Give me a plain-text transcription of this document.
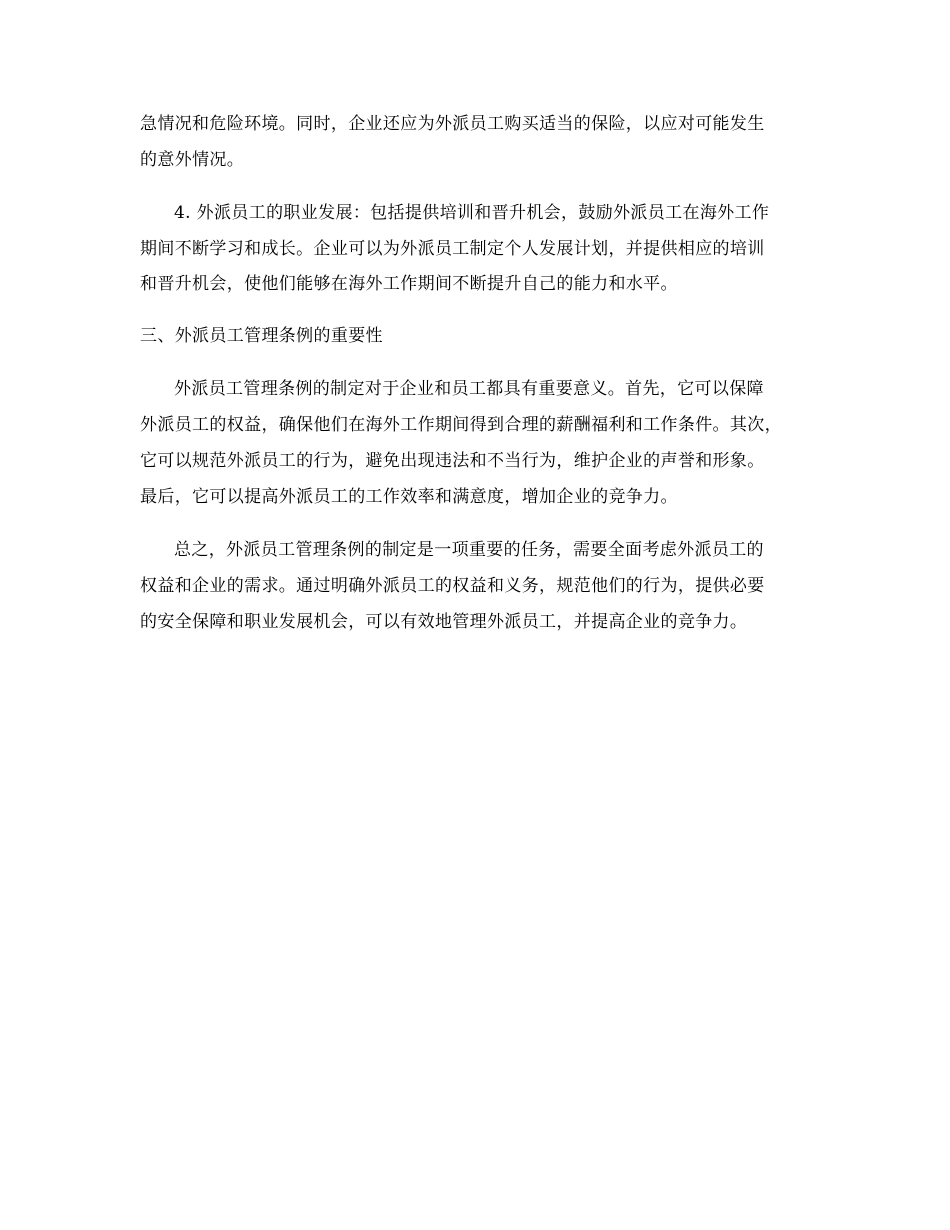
急情况和危险环境。同时，企业还应为外派员工购买适当的保险，以应对可能发生
的意外情况。
4. 外派员工的职业发展：包括提供培训和晋升机会，鼓励外派员工在海外工作
期间不断学习和成长。企业可以为外派员工制定个人发展计划，并提供相应的培训
和晋升机会，使他们能够在海外工作期间不断提升自己的能力和水平。
三、外派员工管理条例的重要性
外派员工管理条例的制定对于企业和员工都具有重要意义。首先，它可以保障
外派员工的权益，确保他们在海外工作期间得到合理的薪酬福利和工作条件。其次，
它可以规范外派员工的行为，避免出现违法和不当行为，维护企业的声誉和形象。
最后，它可以提高外派员工的工作效率和满意度，增加企业的竞争力。
总之，外派员工管理条例的制定是一项重要的任务，需要全面考虑外派员工的
权益和企业的需求。通过明确外派员工的权益和义务，规范他们的行为，提供必要
的安全保障和职业发展机会，可以有效地管理外派员工，并提高企业的竞争力。
